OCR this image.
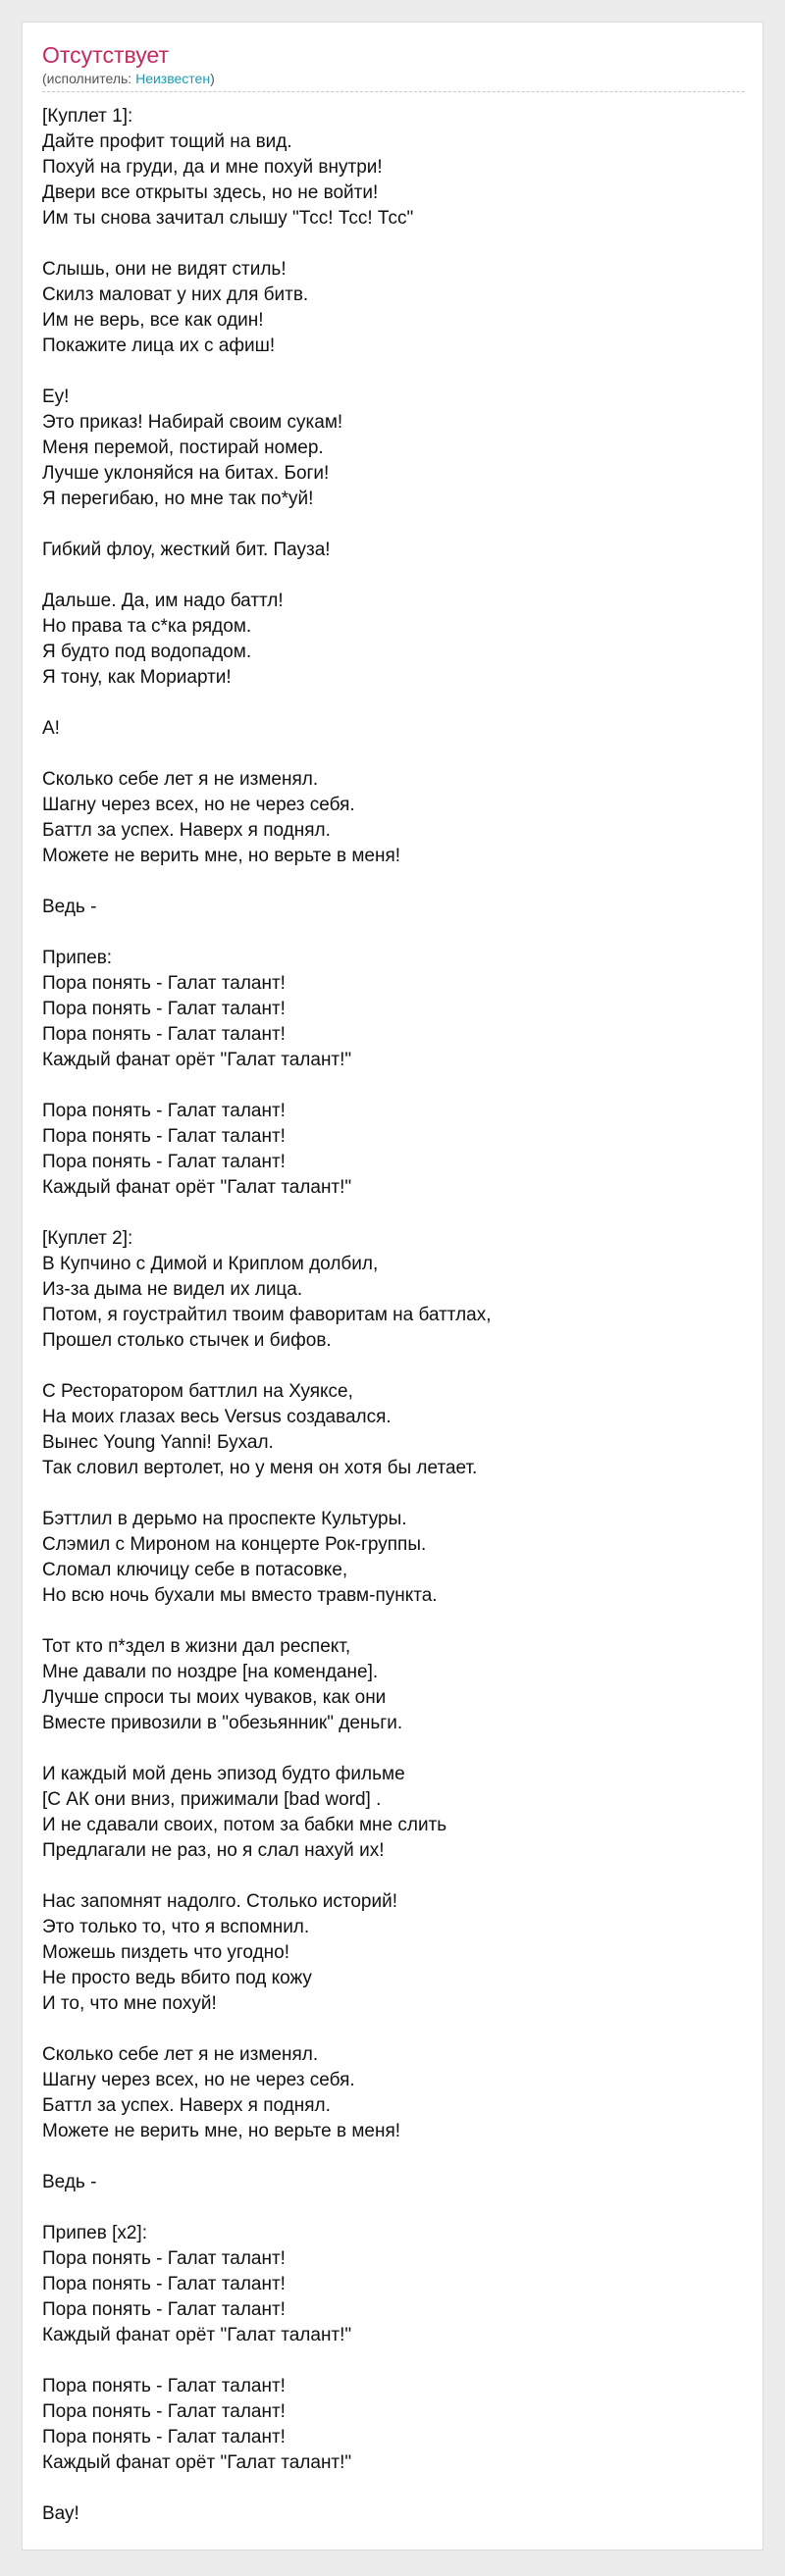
Отсутствует
(исполнитель: Неизвестен)
[Куплет 1]:
Дайте профит тощий на вид.
Похуй на груди, да и мне похуй внутри!
Двери все открыты здесь, но не войти!
Им ты снова зачитал слышу "Тсс! Тсс! Тсс"
Слышь, они не видят стиль!
Скилз маловат у них для битв.
Им не верь, все как один!
Покажите лица их с афиш!
Еу!
Это приказ! Набирай своим сукам!
Меня перемой, постирай номер.
Лучше уклоняйся на битах. Боги!
Я перегибаю, но мне так по*уй!
Гибкий флоу, жесткий бит. Пауза!
Дальше. Да, им надо баттл!
Но права та с*ка рядом.
Я будто под водопадом.
Я тону, как Мориарти!
А!
Сколько себе лет я не изменял.
Шагну через всех, но не через себя.
Баттл за успех. Наверх я поднял.
Можете не верить мне, но верьте в меня!
Ведь -
Припев:
Пора понять - Галат талант!
Пора понять - Галат талант!
Пора понять - Галат талант!
Каждый фанат орёт "Галат талант!"
Пора понять - Галат талант!
Пора понять - Галат талант!
Пора понять - Галат талант!
Каждый фанат орёт "Галат талант!"
[Куплет 2]:
В Купчино с Димой и Криплом долбил,
Из-за дыма не видел их лица.
Потом, я гоустрайтил твоим фаворитам на баттлах,
Прошел столько стычек и бифов.
С Ресторатором баттлил на Хуяксе,
На моих глазах весь Versus создавался.
Вынес Young Yanni! Бухал.
Так словил вертолет, но у меня он хотя бы летает.
Бэттлил в дерьмо на проспекте Культуры.
Слэмил с Мироном на концерте Рок-группы.
Сломал ключицу себе в потасовке,
Но всю ночь бухали мы вместо травм-пункта.
Тот кто п*здел в жизни дал респект,
Мне давали по ноздре [на комендане].
Лучше спроси ты моих чуваков, как они
Вместе привозили в "обезьянник" деньги.
И каждый мой день эпизод будто фильме
[С АК они вниз, прижимали [bad word] .
И не сдавали своих, потом за бабки мне слить
Предлагали не раз, но я слал нахуй их!
Нас запомнят надолго. Столько историй!
Это только то, что я вспомнил.
Можешь пиздеть что угодно!
Не просто ведь вбито под кожу
И то, что мне похуй!
Сколько себе лет я не изменял.
Шагну через всех, но не через себя.
Баттл за успех. Наверх я поднял.
Можете не верить мне, но верьте в меня!
Ведь -
Припев [x2]:
Пора понять - Галат талант!
Пора понять - Галат талант!
Пора понять - Галат талант!
Каждый фанат орёт "Галат талант!"
Пора понять - Галат талант!
Пора понять - Галат талант!
Пора понять - Галат талант!
Каждый фанат орёт "Галат талант!"
Вау!
